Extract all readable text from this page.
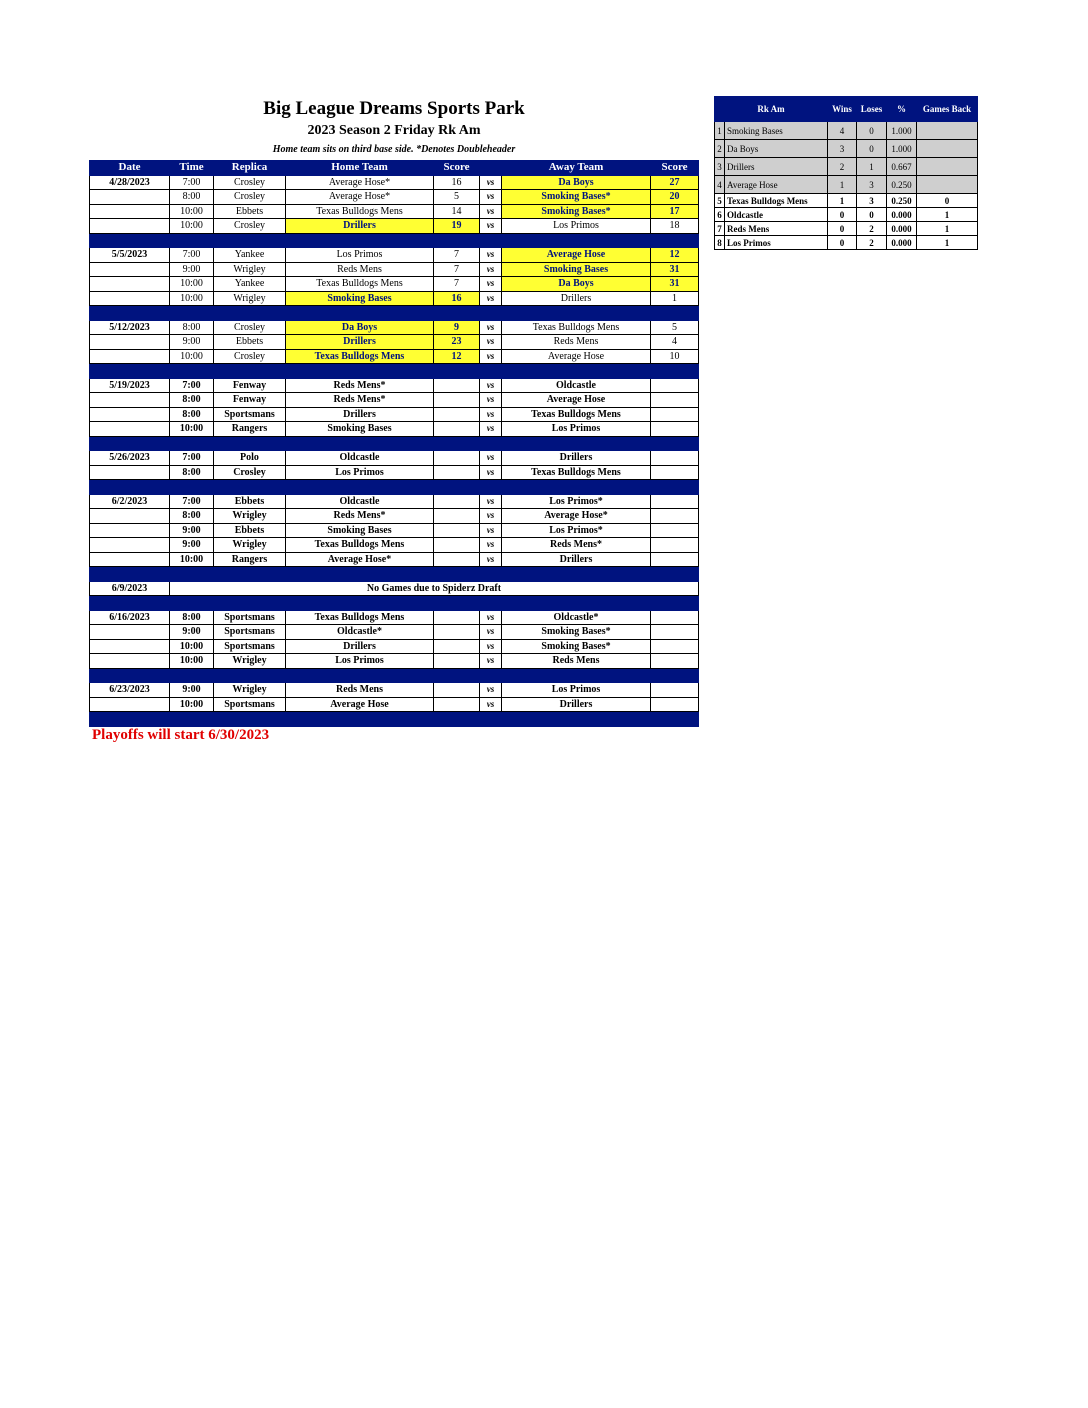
Big League Dreams Sports Park
2023 Season 2 Friday Rk Am
Home team sits on third base side. *Denotes Doubleheader
Date	Time	Replica	Home Team	Score		Away Team	Score
4/28/2023	7:00	Crosley	Average Hose*	16	vs	Da Boys	27
	8:00	Crosley	Average Hose*	5	vs	Smoking Bases*	20
	10:00	Ebbets	Texas Bulldogs Mens	14	vs	Smoking Bases*	17
	10:00	Crosley	Drillers	19	vs	Los Primos	18

5/5/2023	7:00	Yankee	Los Primos	7	vs	Average Hose	12
	9:00	Wrigley	Reds Mens	7	vs	Smoking Bases	31
	10:00	Yankee	Texas Bulldogs Mens	7	vs	Da Boys	31
	10:00	Wrigley	Smoking Bases	16	vs	Drillers	1

5/12/2023	8:00	Crosley	Da Boys	9	vs	Texas Bulldogs Mens	5
	9:00	Ebbets	Drillers	23	vs	Reds Mens	4
	10:00	Crosley	Texas Bulldogs Mens	12	vs	Average Hose	10

5/19/2023	7:00	Fenway	Reds Mens*		vs	Oldcastle	
	8:00	Fenway	Reds Mens*		vs	Average Hose	
	8:00	Sportsmans	Drillers		vs	Texas Bulldogs Mens	
	10:00	Rangers	Smoking Bases		vs	Los Primos	

5/26/2023	7:00	Polo	Oldcastle		vs	Drillers	
	8:00	Crosley	Los Primos		vs	Texas Bulldogs Mens	

6/2/2023	7:00	Ebbets	Oldcastle		vs	Los Primos*	
	8:00	Wrigley	Reds Mens*		vs	Average Hose*	
	9:00	Ebbets	Smoking Bases		vs	Los Primos*	
	9:00	Wrigley	Texas Bulldogs Mens		vs	Reds Mens*	
	10:00	Rangers	Average Hose*		vs	Drillers	

6/9/2023	No Games due to Spiderz Draft						

6/16/2023	8:00	Sportsmans	Texas Bulldogs Mens		vs	Oldcastle*	
	9:00	Sportsmans	Oldcastle*		vs	Smoking Bases*	
	10:00	Sportsmans	Drillers		vs	Smoking Bases*	
	10:00	Wrigley	Los Primos		vs	Reds Mens	

6/23/2023	9:00	Wrigley	Reds Mens		vs	Los Primos	
	10:00	Sportsmans	Average Hose		vs	Drillers	

Rk Am		Wins	Loses	%	Games Back
1	Smoking Bases	4	0	1.000	
2	Da Boys	3	0	1.000	
3	Drillers	2	1	0.667	
4	Average Hose	1	3	0.250	
5	Texas Bulldogs Mens	1	3	0.250	0
6	Oldcastle	0	0	0.000	1
7	Reds Mens	0	2	0.000	1
8	Los Primos	0	2	0.000	1
Playoffs will start 6/30/2023
